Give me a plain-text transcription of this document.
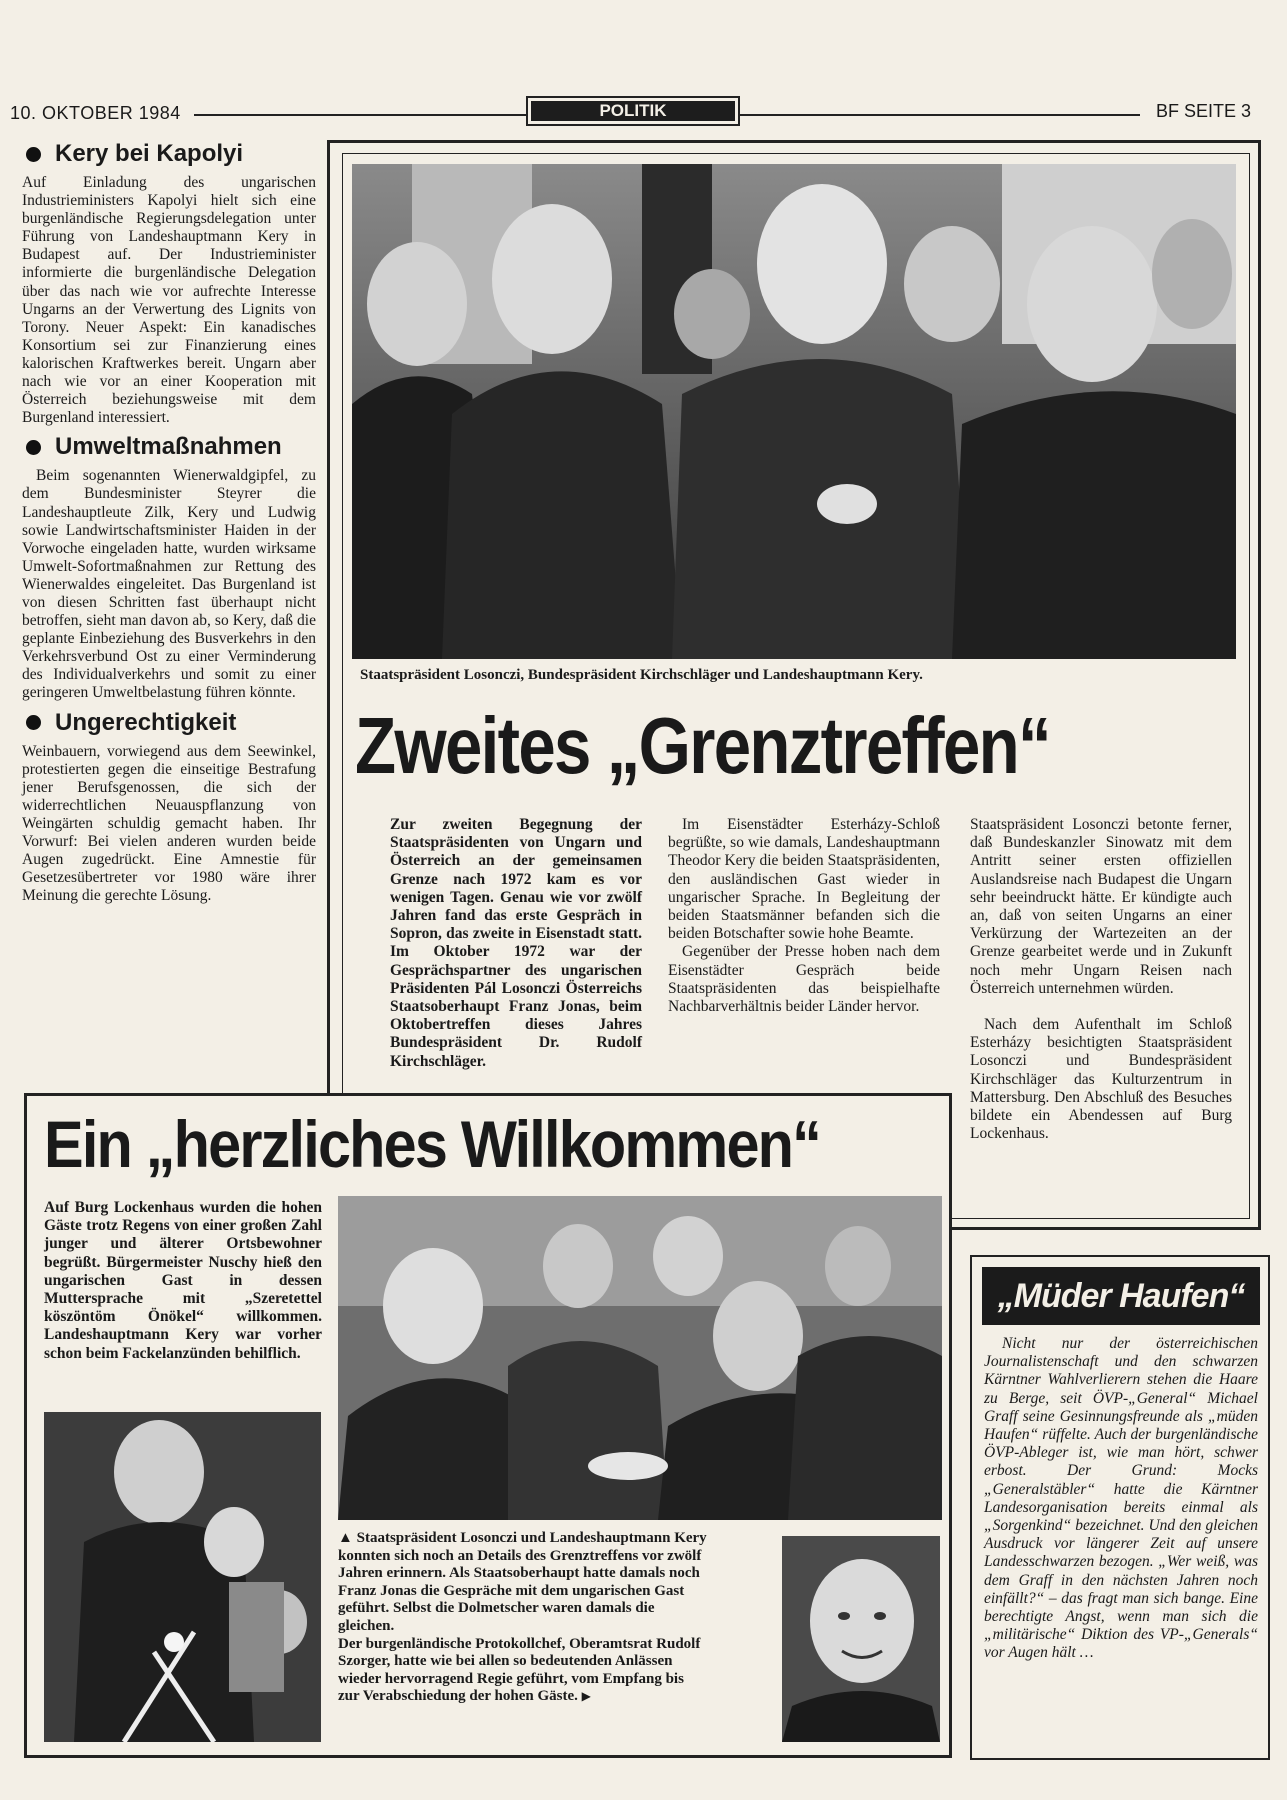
10. OKTOBER 1984	POLITIK	BF SEITE 3
Kery bei Kapolyi

Auf Einladung des ungarischen Industrieministers Kapolyi hielt sich eine burgenländische Regierungsdelegation unter Führung von Landeshauptmann Kery in Budapest auf. Der Industrieminister informierte die burgenländische Delegation über das nach wie vor aufrechte Interesse Ungarns an der Verwertung des Lignits von Torony. Neuer Aspekt: Ein kanadisches Konsortium sei zur Finanzierung eines kalorischen Kraftwerkes bereit. Ungarn aber nach wie vor an einer Kooperation mit Österreich beziehungsweise mit dem Burgenland interessiert.

Umweltmaßnahmen

Beim sogenannten Wienerwaldgipfel, zu dem Bundesminister Steyrer die Landeshauptleute Zilk, Kery und Ludwig sowie Landwirtschaftsminister Haiden in der Vorwoche eingeladen hatte, wurden wirksame Umwelt-Sofortmaßnahmen zur Rettung des Wienerwaldes eingeleitet. Das Burgenland ist von diesen Schritten fast überhaupt nicht betroffen, sieht man davon ab, so Kery, daß die geplante Einbeziehung des Busverkehrs in den Verkehrsverbund Ost zu einer Verminderung des Individualverkehrs und somit zu einer geringeren Umweltbelastung führen könnte.

Ungerechtigkeit

Weinbauern, vorwiegend aus dem Seewinkel, protestierten gegen die einseitige Bestrafung jener Berufsgenossen, die sich der widerrechtlichen Neuauspflanzung von Weingärten schuldig gemacht haben. Ihr Vorwurf: Bei vielen anderen wurden beide Augen zugedrückt. Eine Amnestie für Gesetzesübertreter vor 1980 wäre ihrer Meinung die gerechte Lösung.

Staatspräsident Losonczi, Bundespräsident Kirchschläger und Landeshauptmann Kery.
Zweites „Grenztreffen“

Zur zweiten Begegnung der Staatspräsidenten von Ungarn und Österreich an der gemeinsamen Grenze nach 1972 kam es vor wenigen Tagen. Genau wie vor zwölf Jahren fand das erste Gespräch in Sopron, das zweite in Eisenstadt statt. Im Oktober 1972 war der Gesprächspartner des ungarischen Präsidenten Pál Losonczi Österreichs Staatsoberhaupt Franz Jonas, beim Oktobertreffen dieses Jahres Bundespräsident Dr. Rudolf Kirchschläger.

Im Eisenstädter Esterházy-Schloß begrüßte, so wie damals, Landeshauptmann Theodor Kery die beiden Staatspräsidenten, den ausländischen Gast wieder in ungarischer Sprache. In Begleitung der beiden Staatsmänner befanden sich die beiden Botschafter sowie hohe Beamte.

Gegenüber der Presse hoben nach dem Eisenstädter Gespräch beide Staatspräsidenten das beispielhafte Nachbarverhältnis beider Länder hervor.

Staatspräsident Losonczi betonte ferner, daß Bundeskanzler Sinowatz mit dem Antritt seiner ersten offiziellen Auslandsreise nach Budapest die Ungarn sehr beeindruckt hätte. Er kündigte auch an, daß von seiten Ungarns an einer Verkürzung der Wartezeiten an der Grenze gearbeitet werde und in Zukunft noch mehr Ungarn Reisen nach Österreich unternehmen würden.

Nach dem Aufenthalt im Schloß Esterházy besichtigten Staatspräsident Losonczi und Bundespräsident Kirchschläger das Kulturzentrum in Mattersburg. Den Abschluß des Besuches bildete ein Abendessen auf Burg Lockenhaus.

Ein „herzliches Willkommen“

Auf Burg Lockenhaus wurden die hohen Gäste trotz Regens von einer großen Zahl junger und älterer Ortsbewohner begrüßt. Bürgermeister Nuschy hieß den ungarischen Gast in dessen Muttersprache mit „Szeretettel köszöntöm Önökel“ willkommen. Landeshauptmann Kery war vorher schon beim Fackelanzünden behilflich.

▲ Staatspräsident Losonczi und Landeshauptmann Kery konnten sich noch an Details des Grenztreffens vor zwölf Jahren erinnern. Als Staatsoberhaupt hatte damals noch Franz Jonas die Gespräche mit dem ungarischen Gast geführt. Selbst die Dolmetscher waren damals die gleichen.

Der burgenländische Protokollchef, Oberamtsrat Rudolf Szorger, hatte wie bei allen so bedeutenden Anlässen wieder hervorragend Regie geführt, vom Empfang bis zur Verabschiedung der hohen Gäste. ▶

„Müder Haufen“

Nicht nur der österreichischen Journalistenschaft und den schwarzen Kärntner Wahlverlierern stehen die Haare zu Berge, seit ÖVP-„General“ Michael Graff seine Gesinnungsfreunde als „müden Haufen“ rüffelte. Auch der burgenländische ÖVP-Ableger ist, wie man hört, schwer erbost. Der Grund: Mocks „Generalstäbler“ hatte die Kärntner Landesorganisation bereits einmal als „Sorgenkind“ bezeichnet. Und den gleichen Ausdruck vor längerer Zeit auf unsere Landesschwarzen bezogen. „Wer weiß, was dem Graff in den nächsten Jahren noch einfällt?“ – das fragt man sich bange. Eine berechtigte Angst, wenn man sich die „militärische“ Diktion des VP-„Generals“ vor Augen hält …
